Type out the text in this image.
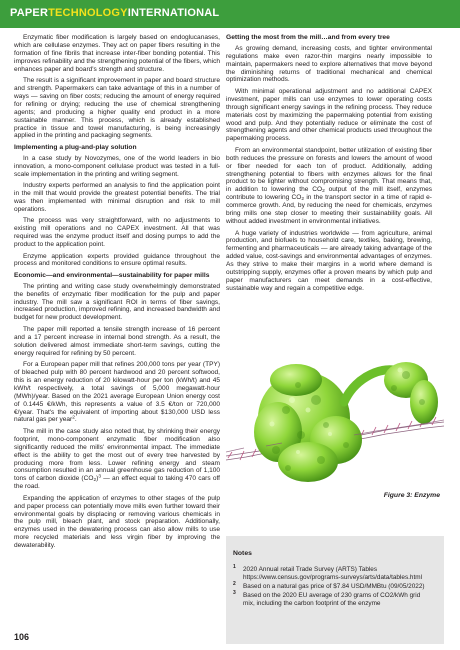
PAPERTECHNOLOGYINTERNATIONAL

Enzymatic fiber modification is largely based on endoglucanases, which are cellulase enzymes. They act on paper fibers resulting in the formation of fine fibrils that increase inter-fiber bonding potential. This improves refinability and the strengthening potential of the fibers, which enhances paper and board's strength and structure.

The result is a significant improvement in paper and board structure and strength. Papermakers can take advantage of this in a number of ways — saving on fiber costs; reducing the amount of energy required for refining or drying; reducing the use of chemical strengthening agents; and producing a higher quality end product in a more sustainable manner. This process, which is already established practice in tissue and towel manufacturing, is being increasingly applied in the printing and packaging segments.

Implementing a plug-and-play solution

In a case study by Novozymes, one of the world leaders in bio innovation, a mono-component cellulase product was tested in a full-scale implementation in the printing and writing segment.

Industry experts performed an analysis to find the application point in the mill that would provide the greatest potential benefits. The trial was then implemented with minimal disruption and risk to mill operations.

The process was very straightforward, with no adjustments to existing mill operations and no CAPEX investment. All that was required was the enzyme product itself and dosing pumps to add the product to the application point.

Enzyme application experts provided guidance throughout the process and monitored conditions to ensure optimal results.

Economic—and environmental—sustainability for paper mills

The printing and writing case study overwhelmingly demonstrated the benefits of enzymatic fiber modification for the pulp and paper industry. The mill saw a significant ROI in terms of fiber savings, increased production, improved refining, and increased bandwidth and budget for new product development.

The paper mill reported a tensile strength increase of 16 percent and a 17 percent increase in internal bond strength. As a result, the solution delivered almost immediate short-term savings, cutting the energy required for refining by 50 percent.

For a European paper mill that refines 200,000 tons per year (TPY) of bleached pulp with 80 percent hardwood and 20 percent softwood, this is an energy reduction of 20 kilowatt-hour per ton (kWh/t) and 45 kWh/t respectively, a total savings of 5,000 megawatt-hour (MWh)/year. Based on the 2021 average European Union energy cost of 0.1445 €/kWh, this represents a value of 3.5 €/ton or 720,000 €/year. That's the equivalent of importing about $130,000 USD less natural gas per year$^2$.

The mill in the case study also noted that, by shrinking their energy footprint, mono-component enzymatic fiber modification also significantly reduced the mills' environmental impact. The immediate effect is the ability to get the most out of every tree harvested by producing more from less. Lower refining energy and steam consumption resulted in an annual greenhouse gas reduction of 1,100 tons of carbon dioxide $(CO_2)^3$ — an effect equal to taking 470 cars off the road.

Expanding the application of enzymes to other stages of the pulp and paper process can potentially move mills even further toward their environmental goals by displacing or removing various chemicals in the pulp mill, bleach plant, and stock preparation. Additionally, enzymes used in the dewatering process can also allow mills to use more recycled materials and less virgin fiber by improving the dewaterability.

Getting the most from the mill…and from every tree

As growing demand, increasing costs, and tighter environmental regulations make even razor-thin margins nearly impossible to maintain, papermakers need to explore alternatives that move beyond the diminishing returns of traditional mechanical and chemical optimization methods.

With minimal operational adjustment and no additional CAPEX investment, paper mills can use enzymes to lower operating costs through significant energy savings in the refining process. They reduce materials cost by maximizing the papermaking potential from existing wood and pulp. And they potentially reduce or eliminate the cost of strengthening agents and other chemical products used throughout the papermaking process.

From an environmental standpoint, better utilization of existing fiber both reduces the pressure on forests and lowers the amount of wood or fiber needed for each ton of product. Additionally, adding strengthening potential to fibers with enzymes allows for the final product to be lighter without compromising strength. That means that, in addition to lowering the $CO_2$ output of the mill itself, enzymes contribute to lowering $CO_2$ in the transport sector in a time of rapid e-commerce growth. And, by reducing the need for chemicals, enzymes bring mills one step closer to meeting their sustainability goals. All without added investment in environmental initiatives.

A huge variety of industries worldwide — from agriculture, animal production, and biofuels to household care, textiles, baking, brewing, fermenting and pharmaceuticals — are already taking advantage of the added value, cost-savings and environmental advantages of enzymes. As they strive to make their margins in a world where demand is outstripping supply, enzymes offer a proven means by which pulp and paper manufacturers can meet demands in a cost-effective, sustainable way and regain a competitive edge.

Figure 3: Enzyme
Notes
1 2020 Annual retail Trade Survey (ARTS) Tables
https://www.census.gov/programs-surveys/arts/data/tables.html
2 Based on a natural gas price of $7.84 USD/MMBtu (09/05/2022)
3 Based on the 2020 EU average of 230 grams of CO2/kWh grid
mix, including the carbon footprint of the enzyme
106
